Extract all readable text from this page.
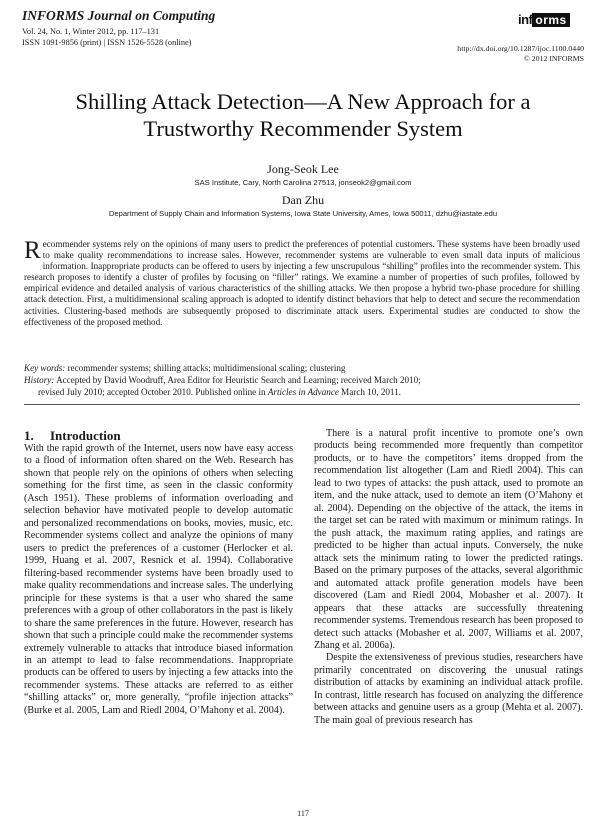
INFORMS Journal on Computing
Vol. 24, No. 1, Winter 2012, pp. 117–131
ISSN 1091-9856 (print) | ISSN 1526-5528 (online)
inf orms
http://dx.doi.org/10.1287/ijoc.1100.0440
© 2012 INFORMS
Shilling Attack Detection—A New Approach for a
Trustworthy Recommender System
Jong-Seok Lee
SAS Institute, Cary, North Carolina 27513, jonseok2@gmail.com
Dan Zhu
Department of Supply Chain and Information Systems, Iowa State University, Ames, Iowa 50011, dzhu@iastate.edu
Recommender systems rely on the opinions of many users to predict the preferences of potential customers. These systems have been broadly used to make quality recommendations to increase sales. However, recommender systems are vulnerable to even small data inputs of malicious information. Inappropriate products can be offered to users by injecting a few unscrupulous “shilling” profiles into the recommender system. This research proposes to identify a cluster of profiles by focusing on “filler” ratings. We examine a number of properties of such profiles, followed by empirical evidence and detailed analysis of various characteristics of the shilling attacks. We then propose a hybrid two-phase procedure for shilling attack detection. First, a multidimensional scaling approach is adopted to identify distinct behaviors that help to detect and secure the recommendation activities. Clustering-based methods are subsequently proposed to discriminate attack users. Experimental studies are conducted to show the effectiveness of the proposed method.
Key words: recommender systems; shilling attacks; multidimensional scaling; clustering
History: Accepted by David Woodruff, Area Editor for Heuristic Search and Learning; received March 2010;
revised July 2010; accepted October 2010. Published online in Articles in Advance March 10, 2011.
1. Introduction

With the rapid growth of the Internet, users now have easy access to a flood of information often shared on the Web. Research has shown that people rely on the opinions of others when selecting something for the first time, as seen in the classic conformity (Asch 1951). These problems of information overloading and selection behavior have motivated people to develop automatic and personalized recommendations on books, movies, music, etc. Recommender systems collect and analyze the opinions of many users to predict the preferences of a customer (Herlocker et al. 1999, Huang et al. 2007, Resnick et al. 1994). Collaborative filtering-based recommender systems have been broadly used to make quality recommendations and increase sales. The underlying principle for these systems is that a user who shared the same preferences with a group of other collaborators in the past is likely to share the same preferences in the future. However, research has shown that such a principle could make the recommender systems extremely vulnerable to attacks that introduce biased information in an attempt to lead to false recommendations. Inappropriate products can be offered to users by injecting a few attacks into the recommender systems. These attacks are referred to as either “shilling attacks” or, more generally, “profile injection attacks” (Burke et al. 2005, Lam and Riedl 2004, O’Mahony et al. 2004).

There is a natural profit incentive to promote one’s own products being recommended more frequently than competitor products, or to have the competitors’ items dropped from the recommendation list altogether (Lam and Riedl 2004). This can lead to two types of attacks: the push attack, used to promote an item, and the nuke attack, used to demote an item (O’Mahony et al. 2004). Depending on the objective of the attack, the items in the target set can be rated with maximum or minimum ratings. In the push attack, the maximum rating applies, and ratings are predicted to be higher than actual inputs. Conversely, the nuke attack sets the minimum rating to lower the predicted ratings. Based on the primary purposes of the attacks, several algorithmic and automated attack profile generation models have been discovered (Lam and Riedl 2004, Mobasher et al. 2007). It appears that these attacks are successfully threatening recommender systems. Tremendous research has been proposed to detect such attacks (Mobasher et al. 2007, Williams et al. 2007, Zhang et al. 2006a).

Despite the extensiveness of previous studies, researchers have primarily concentrated on discovering the unusual ratings distribution of attacks by examining an individual attack profile. In contrast, little research has focused on analyzing the difference between attacks and genuine users as a group (Mehta et al. 2007). The main goal of previous research has

117
